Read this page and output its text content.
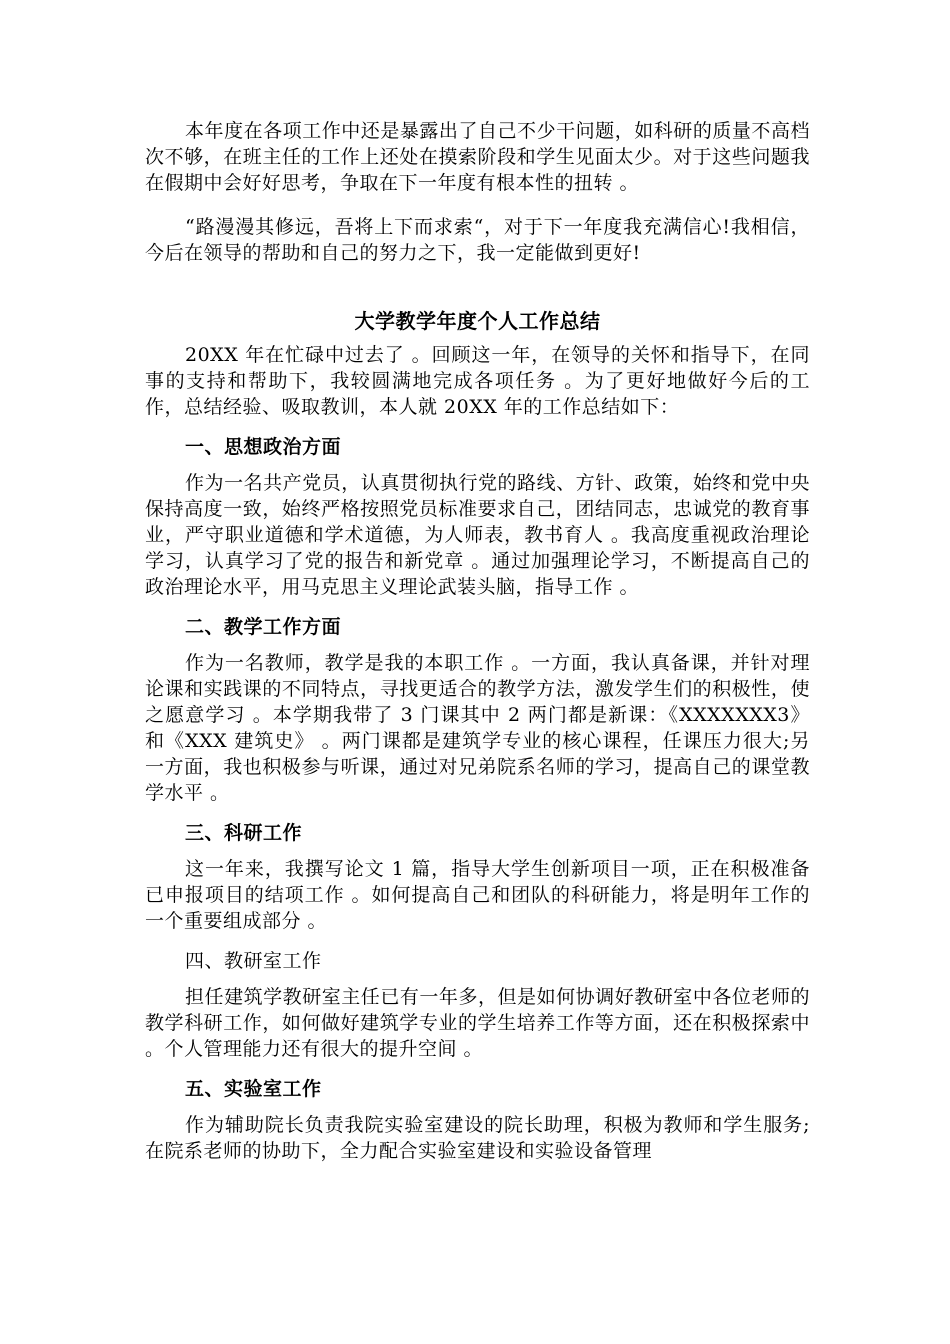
本年度在各项工作中还是暴露出了自己不少干问题，如科研的质量不高档次不够，在班主任的工作上还处在摸索阶段和学生见面太少。对于这些问题我在假期中会好好思考，争取在下一年度有根本性的扭转 。

“路漫漫其修远，吾将上下而求索“，对于下一年度我充满信心!我相信，今后在领导的帮助和自己的努力之下，我一定能做到更好!

大学教学年度个人工作总结

20XX 年在忙碌中过去了 。回顾这一年，在领导的关怀和指导下，在同事的支持和帮助下，我较圆满地完成各项任务 。为了更好地做好今后的工作，总结经验、吸取教训，本人就 20XX 年的工作总结如下：

一、思想政治方面

作为一名共产党员，认真贯彻执行党的路线、方针、政策，始终和党中央保持高度一致，始终严格按照党员标准要求自己，团结同志，忠诚党的教育事业，严守职业道德和学术道德，为人师表，教书育人 。我高度重视政治理论学习，认真学习了党的报告和新党章 。通过加强理论学习，不断提高自己的政治理论水平，用马克思主义理论武装头脑，指导工作 。

二、教学工作方面

作为一名教师，教学是我的本职工作 。一方面，我认真备课，并针对理论课和实践课的不同特点，寻找更适合的教学方法，激发学生们的积极性，使之愿意学习 。本学期我带了 3 门课其中 2 两门都是新课：《XXXXXXX3》和《XXX 建筑史》 。两门课都是建筑学专业的核心课程，任课压力很大;另一方面，我也积极参与听课，通过对兄弟院系名师的学习，提高自己的课堂教学水平 。

三、科研工作

这一年来，我撰写论文 1 篇，指导大学生创新项目一项，正在积极准备已申报项目的结项工作 。如何提高自己和团队的科研能力，将是明年工作的一个重要组成部分 。

四、教研室工作

担任建筑学教研室主任已有一年多，但是如何协调好教研室中各位老师的教学科研工作，如何做好建筑学专业的学生培养工作等方面，还在积极探索中 。个人管理能力还有很大的提升空间 。

五、实验室工作

作为辅助院长负责我院实验室建设的院长助理，积极为教师和学生服务;在院系老师的协助下，全力配合实验室建设和实验设备管理
